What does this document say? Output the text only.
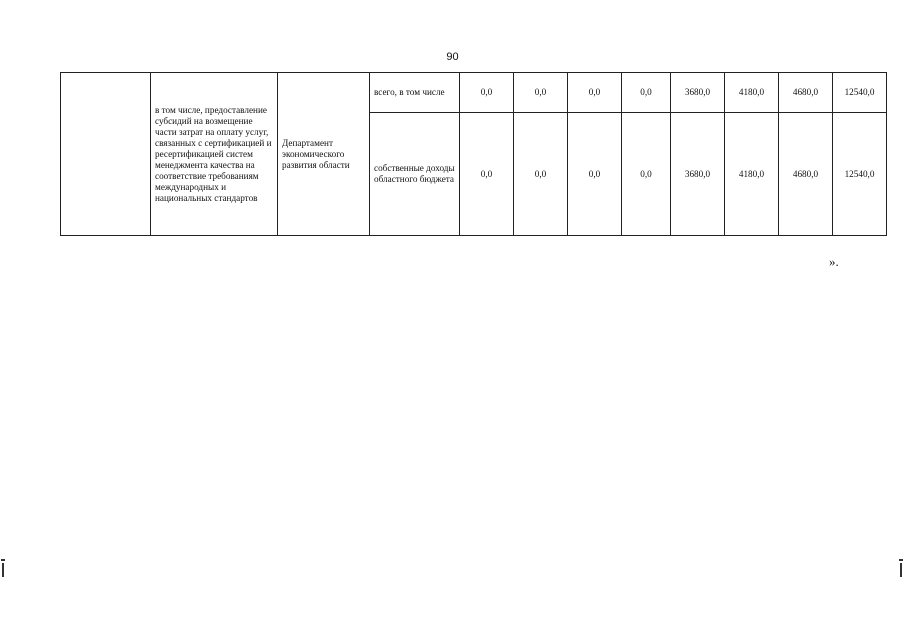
90
	в том числе, предоставление субсидий на возмещение части затрат на оплату услуг, связанных с сертификацией и ресертификацией систем менеджмента качества на соответствие требованиям международных и национальных стандартов	Департамент экономического развития области	всего, в том числе	0,0	0,0	0,0	0,0	3680,0	4180,0	4680,0	12540,0
			собственные доходы областного бюджета	0,0	0,0	0,0	0,0	3680,0	4180,0	4680,0	12540,0
».
